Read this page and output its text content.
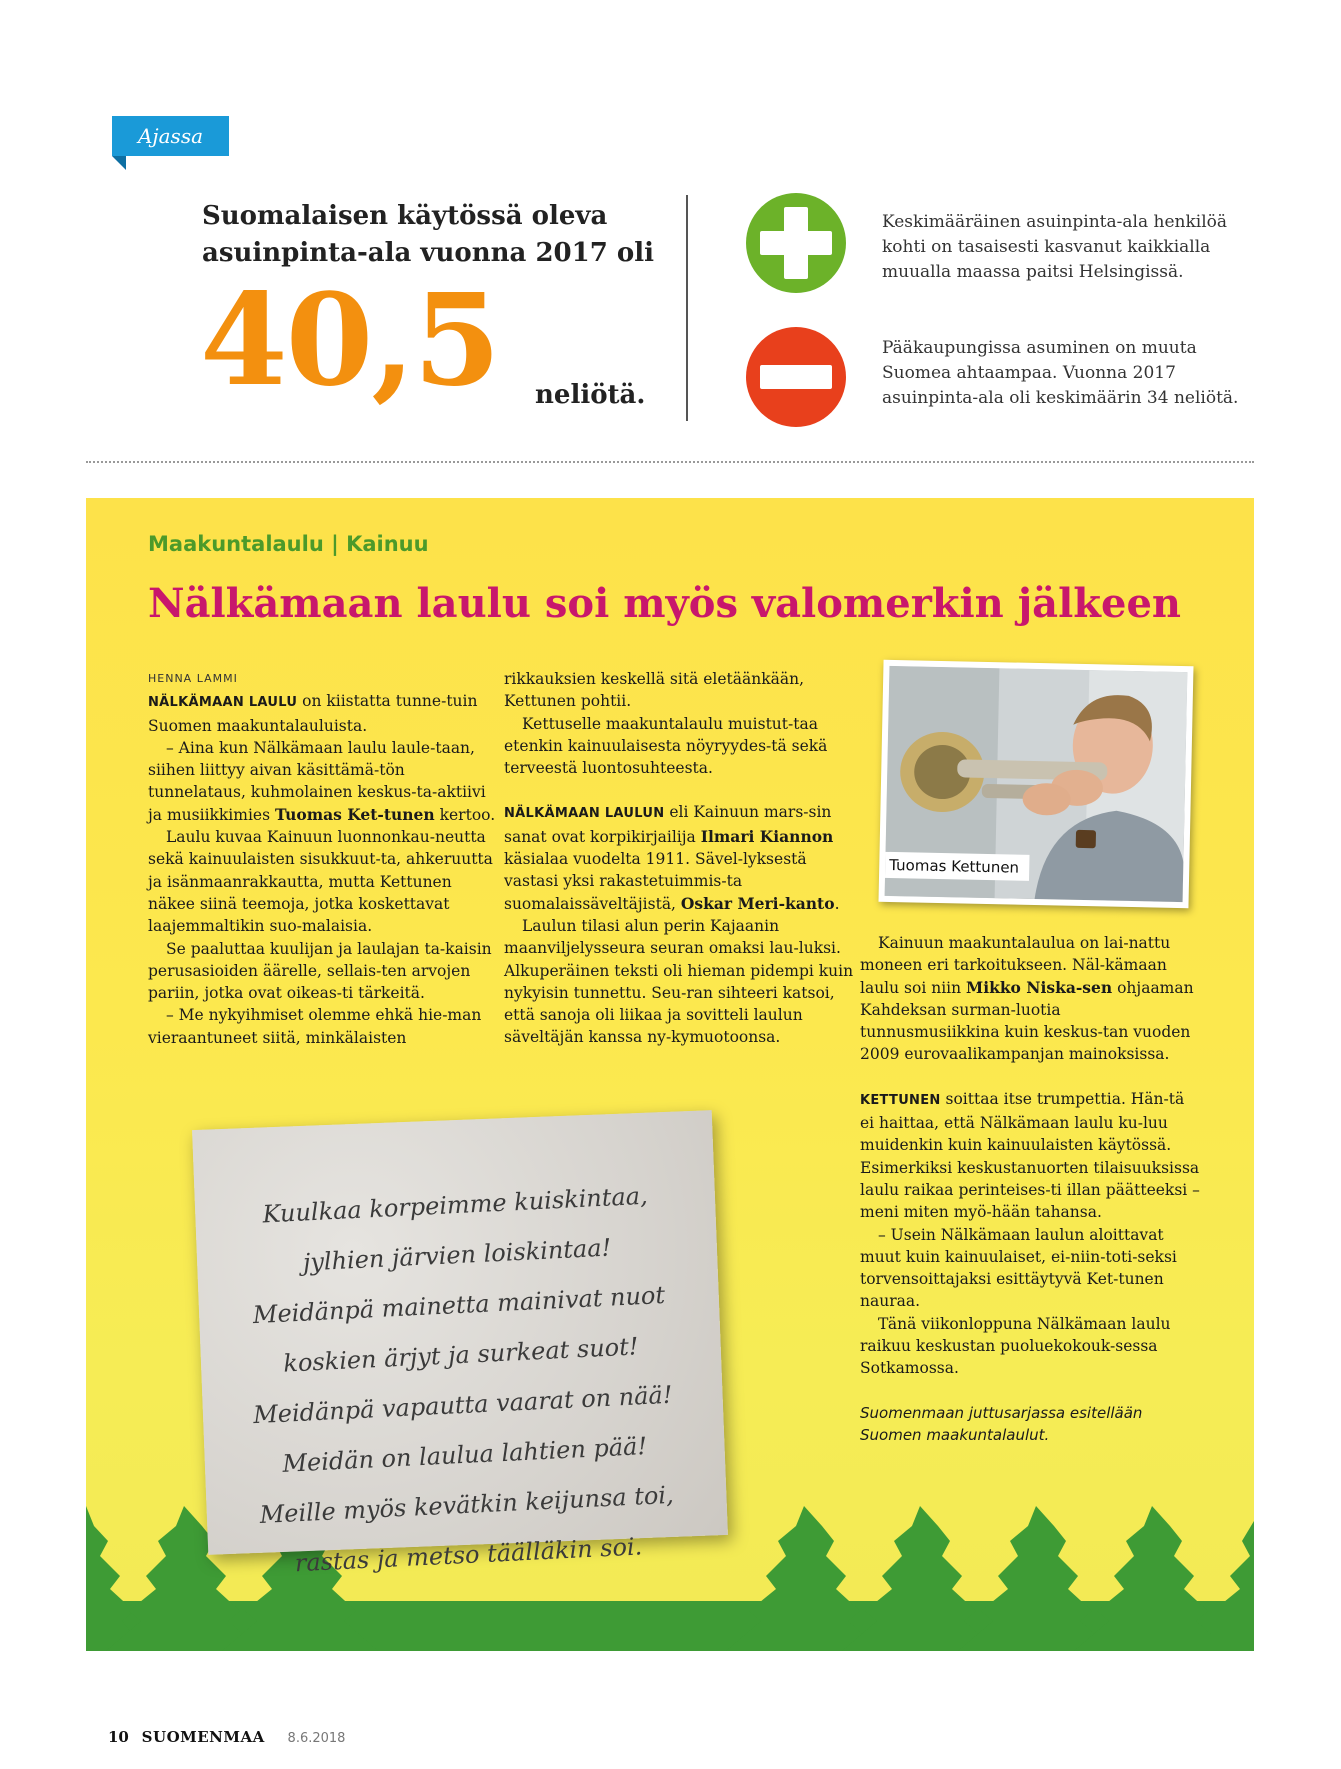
Ajassa
Suomalaisen käytössä oleva
asuinpinta-ala vuonna 2017 oli
40,5 neliötä.
Keskimääräinen asuinpinta-ala henkilöä
kohti on tasaisesti kasvanut kaikkialla
muualla maassa paitsi Helsingissä.
Pääkaupungissa asuminen on muuta
Suomea ahtaampaa. Vuonna 2017
asuinpinta-ala oli keskimäärin 34 neliötä.
Maakuntalaulu | Kainuu
Nälkämaan laulu soi myös valomerkin jälkeen

HENNA LAMMI

NÄLKÄMAAN LAULU on kiistatta tunne-tuin Suomen maakuntalauluista.

– Aina kun Nälkämaan laulu laule-taan, siihen liittyy aivan käsittämä-tön tunnelataus, kuhmolainen keskus-ta-aktiivi ja musiikkimies Tuomas Ket-tunen kertoo.

Laulu kuvaa Kainuun luonnonkau-neutta sekä kainuulaisten sisukkuut-ta, ahkeruutta ja isänmaanrakkautta, mutta Kettunen näkee siinä teemoja, jotka koskettavat laajemmaltikin suo-malaisia.

Se paaluttaa kuulijan ja laulajan ta-kaisin perusasioiden äärelle, sellais-ten arvojen pariin, jotka ovat oikeas-ti tärkeitä.

– Me nykyihmiset olemme ehkä hie-man vieraantuneet siitä, minkälaisten

rikkauksien keskellä sitä eletäänkään, Kettunen pohtii.

Kettuselle maakuntalaulu muistut-taa etenkin kainuulaisesta nöyryydes-tä sekä terveestä luontosuhteesta.

NÄLKÄMAAN LAULUN eli Kainuun mars-sin sanat ovat korpikirjailija Ilmari Kiannon käsialaa vuodelta 1911. Sävel-lyksestä vastasi yksi rakastetuimmis-ta suomalaissäveltäjistä, Oskar Meri-kanto.

Laulun tilasi alun perin Kajaanin maanviljelysseura seuran omaksi lau-luksi. Alkuperäinen teksti oli hieman pidempi kuin nykyisin tunnettu. Seu-ran sihteeri katsoi, että sanoja oli liikaa ja sovitteli laulun säveltäjän kanssa ny-kymuotoonsa.

Tuomas Kettunen

Kainuun maakuntalaulua on lai-nattu moneen eri tarkoitukseen. Näl-kämaan laulu soi niin Mikko Niska-sen ohjaaman Kahdeksan surman-luotia tunnusmusiikkina kuin keskus-tan vuoden 2009 eurovaalikampanjan mainoksissa.

KETTUNEN soittaa itse trumpettia. Hän-tä ei haittaa, että Nälkämaan laulu ku-luu muidenkin kuin kainuulaisten käytössä. Esimerkiksi keskustanuorten tilaisuuksissa laulu raikaa perinteises-ti illan päätteeksi – meni miten myö-hään tahansa.

– Usein Nälkämaan laulun aloittavat muut kuin kainuulaiset, ei-niin-toti-seksi torvensoittajaksi esittäytyvä Ket-tunen nauraa.

Tänä viikonloppuna Nälkämaan laulu raikuu keskustan puoluekokouk-sessa Sotkamossa.

Suomenmaan juttusarjassa esitellään Suomen maakuntalaulut.

Kuulkaa korpeimme kuiskintaa,
jylhien järvien loiskintaa!
Meidänpä mainetta mainivat nuot
koskien ärjyt ja surkeat suot!
Meidänpä vapautta vaarat on nää!
Meidän on laulua lahtien pää!
Meille myös kevätkin keijunsa toi,
rastas ja metso täälläkin soi.
10 SUOMENMAA 8.6.2018
